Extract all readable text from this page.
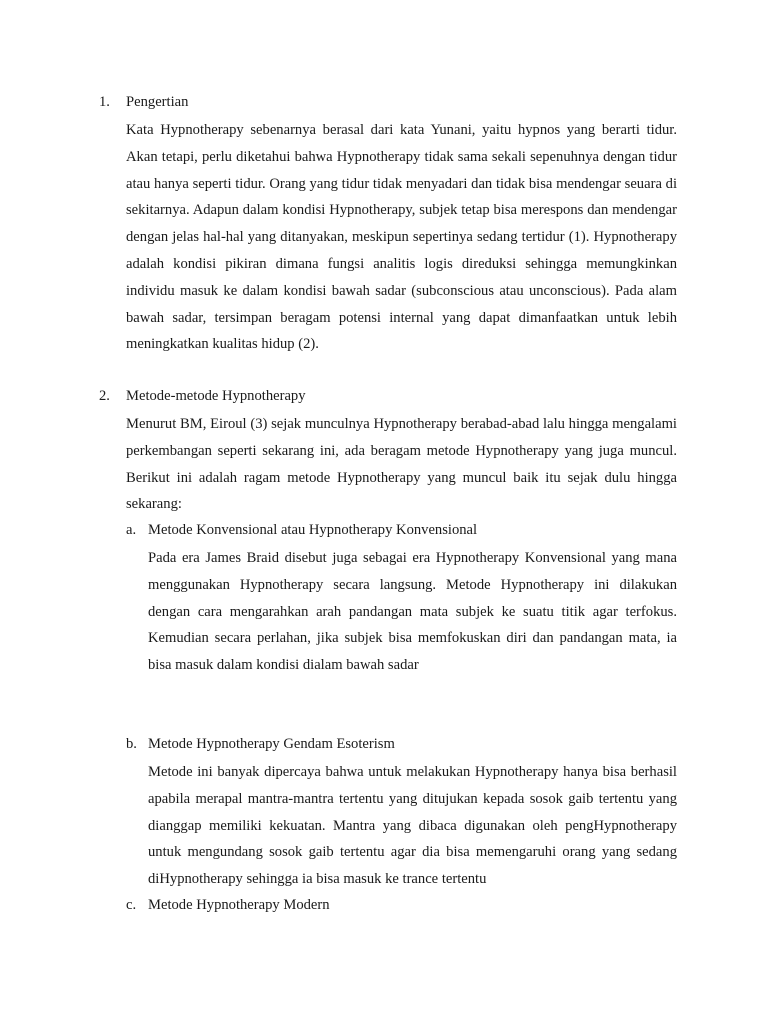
1. Pengertian

Kata Hypnotherapy sebenarnya berasal dari kata Yunani, yaitu hypnos yang berarti tidur. Akan tetapi, perlu diketahui bahwa Hypnotherapy tidak sama sekali sepenuhnya dengan tidur atau hanya seperti tidur. Orang yang tidur tidak menyadari dan tidak bisa mendengar seuara di sekitarnya. Adapun dalam kondisi Hypnotherapy, subjek tetap bisa merespons dan mendengar dengan jelas hal-hal yang ditanyakan, meskipun sepertinya sedang tertidur (1). Hypnotherapy adalah kondisi pikiran dimana fungsi analitis logis direduksi sehingga memungkinkan individu masuk ke dalam kondisi bawah sadar (subconscious atau unconscious). Pada alam bawah sadar, tersimpan beragam potensi internal yang dapat dimanfaatkan untuk lebih meningkatkan kualitas hidup (2).

2. Metode-metode Hypnotherapy

Menurut BM, Eiroul (3) sejak munculnya Hypnotherapy berabad-abad lalu hingga mengalami perkembangan seperti sekarang ini, ada beragam metode Hypnotherapy yang juga muncul. Berikut ini adalah ragam metode Hypnotherapy yang muncul baik itu sejak dulu hingga sekarang:

a. Metode Konvensional atau Hypnotherapy Konvensional

Pada era James Braid disebut juga sebagai era Hypnotherapy Konvensional yang mana menggunakan Hypnotherapy secara langsung. Metode Hypnotherapy ini dilakukan dengan cara mengarahkan arah pandangan mata subjek ke suatu titik agar terfokus. Kemudian secara perlahan, jika subjek bisa memfokuskan diri dan pandangan mata, ia bisa masuk dalam kondisi dialam bawah sadar

b. Metode Hypnotherapy Gendam Esoterism

Metode ini banyak dipercaya bahwa untuk melakukan Hypnotherapy hanya bisa berhasil apabila merapal mantra-mantra tertentu yang ditujukan kepada sosok gaib tertentu yang dianggap memiliki kekuatan. Mantra yang dibaca digunakan oleh pengHypnotherapy untuk mengundang sosok gaib tertentu agar dia bisa memengaruhi orang yang sedang diHypnotherapy sehingga ia bisa masuk ke trance tertentu

c. Metode Hypnotherapy Modern
